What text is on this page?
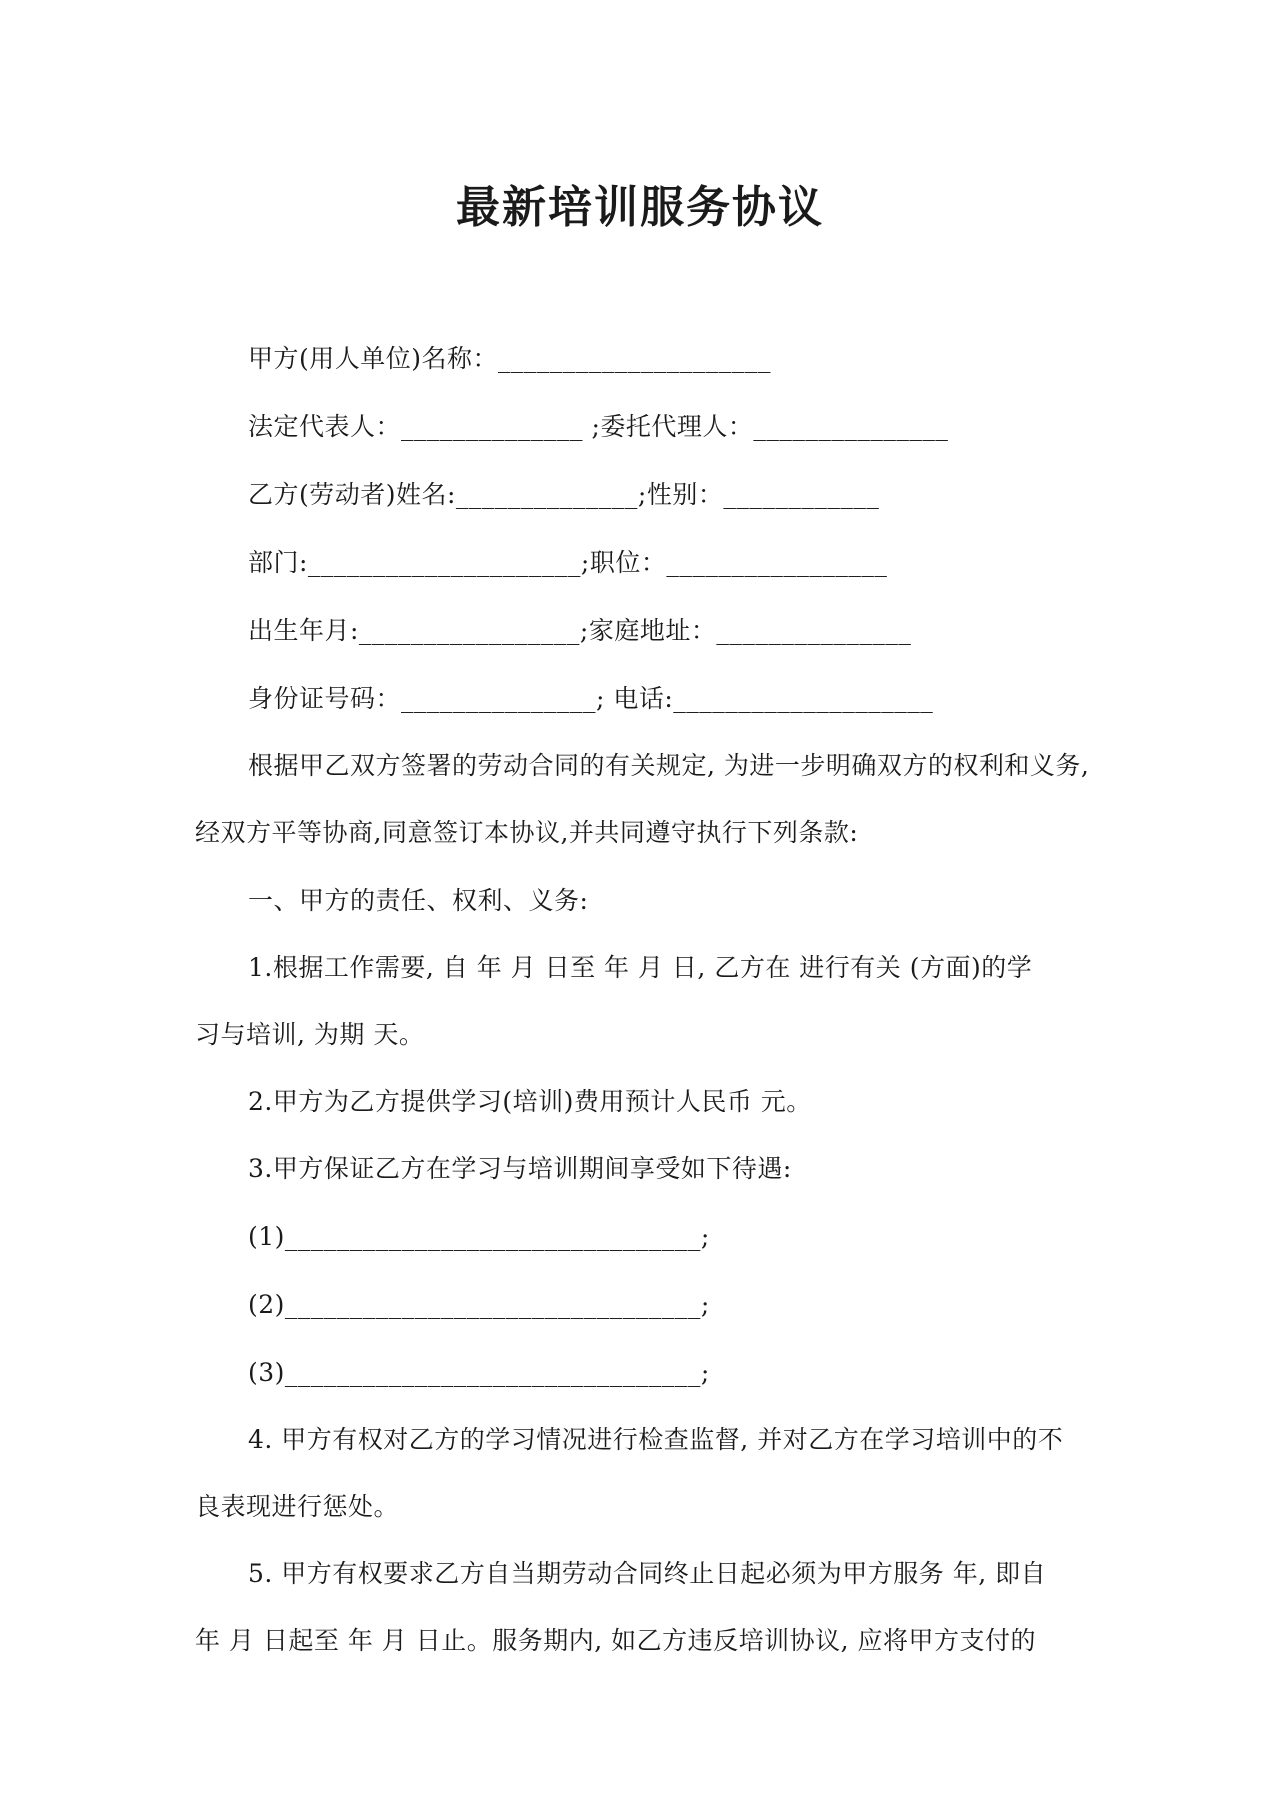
最新培训服务协议
甲方(用人单位)名称：_____________________
法定代表人：______________ ;委托代理人：_______________
乙方(劳动者)姓名:______________;性别：____________
部门:_____________________;职位：_________________
出生年月:_________________;家庭地址：_______________
身份证号码：_______________; 电话:____________________
根据甲乙双方签署的劳动合同的有关规定, 为进一步明确双方的权利和义务,
经双方平等协商,同意签订本协议,并共同遵守执行下列条款:
一、甲方的责任、权利、义务:
1.根据工作需要, 自 年 月 日至 年 月 日, 乙方在 进行有关 (方面)的学
习与培训, 为期 天。
2.甲方为乙方提供学习(培训)费用预计人民币 元。
3.甲方保证乙方在学习与培训期间享受如下待遇:
(1)________________________________;
(2)________________________________;
(3)________________________________;
4. 甲方有权对乙方的学习情况进行检查监督, 并对乙方在学习培训中的不
良表现进行惩处。
5. 甲方有权要求乙方自当期劳动合同终止日起必须为甲方服务 年, 即自
年 月 日起至 年 月 日止。服务期内, 如乙方违反培训协议, 应将甲方支付的
